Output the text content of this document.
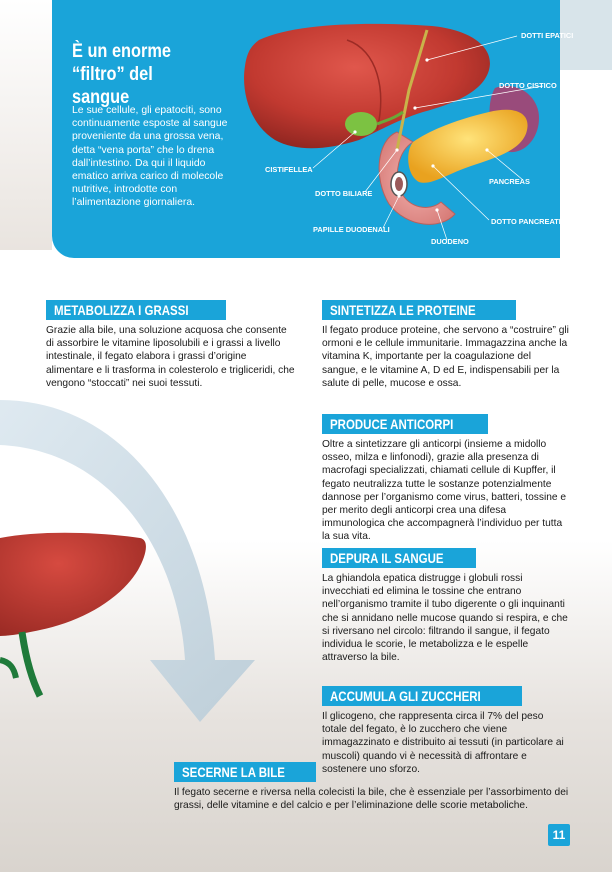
È un enorme
“filtro” del sangue
Le sue cellule, gli epatociti, sono continuamente esposte al sangue proveniente da una grossa vena, detta “vena porta” che lo drena dall’intestino. Da qui il liquido ematico arriva carico di molecole nutritive, introdotte con l’alimentazione giornaliera.
DOTTI EPATICI
DOTTO CISTICO
CISTIFELLEA
PANCREAS
DOTTO BILIARE
DOTTO PANCREATICO
PAPILLE DUODENALI
DUODENO
METABOLIZZA I GRASSI
Grazie alla bile, una soluzione acquosa che consente di assorbire le vitamine liposolubili e i grassi a livello intestinale, il fegato elabora i grassi d’origine alimentare e li trasforma in colesterolo e trigliceridi, che vengono “stoccati” nei suoi tessuti.
SINTETIZZA LE PROTEINE
Il fegato produce proteine, che servono a “costruire” gli ormoni e le cellule immunitarie. Immagazzina anche la vitamina K, importante per la coagulazione del sangue, e le vitamine A, D ed E, indispensabili per la salute di pelle, mucose e ossa.
PRODUCE ANTICORPI
Oltre a sintetizzare gli anticorpi (insieme a midollo osseo, milza e linfonodi), grazie alla presenza di macrofagi specializzati, chiamati cellule di Kupffer, il fegato neutralizza tutte le sostanze potenzialmente dannose per l’organismo come virus, batteri, tossine e per merito degli anticorpi crea una difesa immunologica che accompagnerà l’individuo per tutta la sua vita.
DEPURA IL SANGUE
La ghiandola epatica distrugge i globuli rossi invecchiati ed elimina le tossine che entrano nell’organismo tramite il tubo digerente o gli inquinanti che si annidano nelle mucose quando si respira, e che si riversano nel circolo: filtrando il sangue, il fegato individua le scorie, le metabolizza e le espelle attraverso la bile.
ACCUMULA GLI ZUCCHERI
Il glicogeno, che rappresenta circa il 7% del peso totale del fegato, è lo zucchero che viene immagazzinato e distribuito ai tessuti (in particolare ai muscoli) quando vi è necessità di affrontare e sostenere uno sforzo.
SECERNE LA BILE
Il fegato secerne e riversa nella colecisti la bile, che è essenziale per l’assorbimento dei grassi, delle vitamine e del calcio e per l’eliminazione delle scorie metaboliche.
11
